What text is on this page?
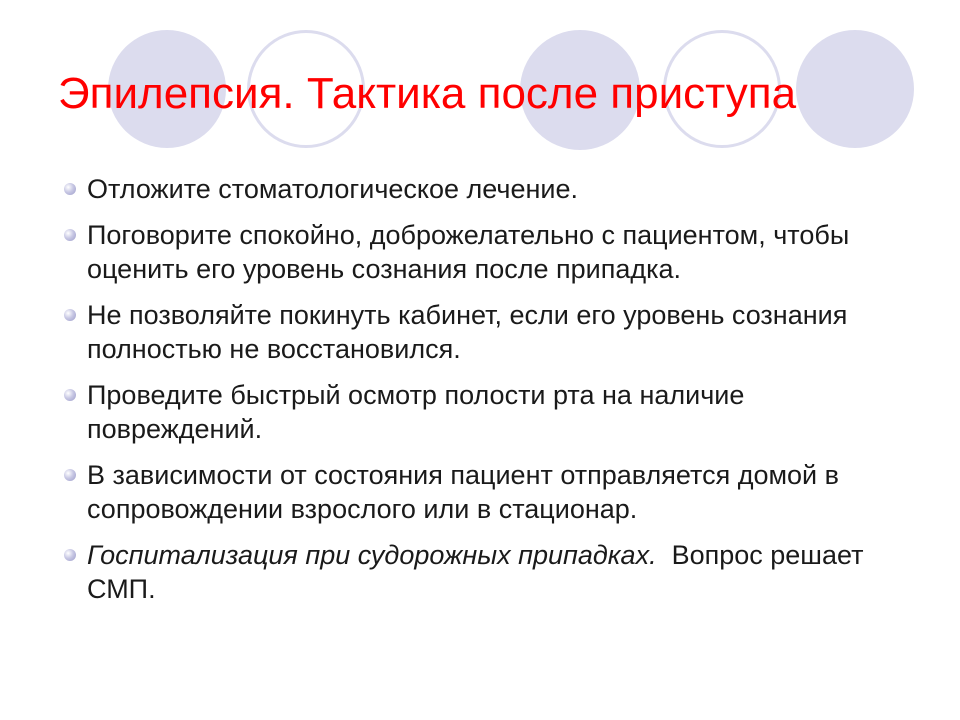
Эпилепсия. Тактика после приступа
Отложите стоматологическое лечение.
Поговорите спокойно, доброжелательно с пациентом, чтобы оценить его уровень сознания после припадка.
Не позволяйте покинуть кабинет, если его уровень сознания полностью не восстановился.
Проведите быстрый осмотр полости рта на наличие повреждений.
В зависимости от состояния пациент отправляется домой в сопровождении взрослого или в стационар.
Госпитализация при судорожных припадках.  Вопрос решает СМП.
